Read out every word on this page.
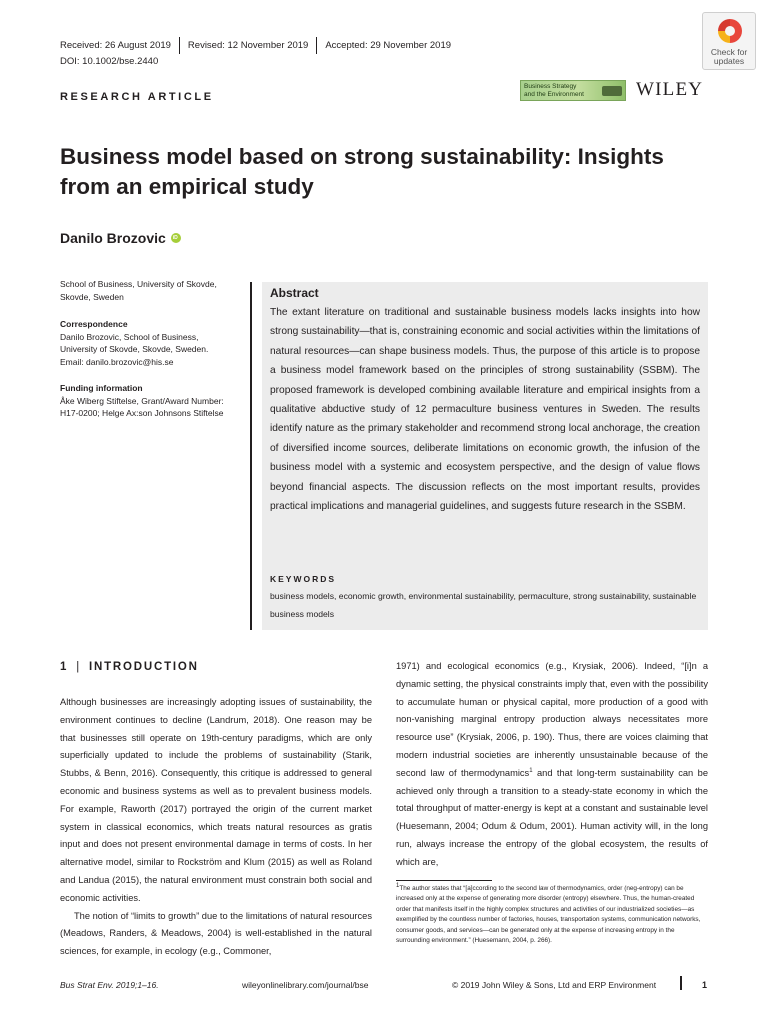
Received: 26 August 2019 Revised: 12 November 2019 Accepted: 29 November 2019
DOI: 10.1002/bse.2440
Check for
updates
RESEARCH ARTICLE
Business Strategy
and the Environment	WILEY
Business model based on strong sustainability: Insights from an empirical study
Danilo Brozovic
iD
School of Business, University of Skovde,
Skovde, Sweden
Correspondence
Danilo Brozovic, School of Business,
University of Skovde, Skovde, Sweden.
Email: danilo.brozovic@his.se
Funding information
Åke Wiberg Stiftelse, Grant/Award Number:
H17-0200; Helge Ax:son Johnsons Stiftelse
Abstract
The extant literature on traditional and sustainable business models lacks insights into how strong sustainability—that is, constraining economic and social activities within the limitations of natural resources—can shape business models. Thus, the purpose of this article is to propose a business model framework based on the principles of strong sustainability (SSBM). The proposed framework is developed combining available literature and empirical insights from a qualitative abductive study of 12 permaculture business ventures in Sweden. The results identify nature as the primary stakeholder and recommend strong local anchorage, the creation of diversified income sources, deliberate limitations on economic growth, the infusion of the business model with a systemic and ecosystem perspective, and the design of value flows beyond financial aspects. The discussion reflects on the most important results, provides practical implications and managerial guidelines, and suggests future research in the SSBM.
KEYWORDS
business models, economic growth, environmental sustainability, permaculture, strong sustainability, sustainable business models
1 | INTRODUCTION

Although businesses are increasingly adopting issues of sustainability, the environment continues to decline (Landrum, 2018). One reason may be that businesses still operate on 19th-century paradigms, which are only superficially updated to include the problems of sustainability (Starik, Stubbs, & Benn, 2016). Consequently, this critique is addressed to general economic and business systems as well as to prevalent business models. For example, Raworth (2017) portrayed the origin of the current market system in classical economics, which treats natural resources as gratis input and does not present environmental damage in terms of costs. In her alternative model, similar to Rockström and Klum (2015) as well as Roland and Landua (2015), the natural environment must constrain both social and economic activities.

The notion of “limits to growth” due to the limitations of natural resources (Meadows, Randers, & Meadows, 2004) is well-established in the natural sciences, for example, in ecology (e.g., Commoner,

1971) and ecological economics (e.g., Krysiak, 2006). Indeed, “[i]n a dynamic setting, the physical constraints imply that, even with the possibility to accumulate human or physical capital, more production of a good with non-vanishing marginal entropy production always necessitates more resource use” (Krysiak, 2006, p. 190). Thus, there are voices claiming that modern industrial societies are inherently unsustainable because of the second law of thermodynamics$^1$ and that long-term sustainability can be achieved only through a transition to a steady-state economy in which the total throughput of matter-energy is kept at a constant and sustainable level (Huesemann, 2004; Odum & Odum, 2001). Human activity will, in the long run, always increase the entropy of the global ecosystem, the results of which are,

$^1$The author states that “[a]ccording to the second law of thermodynamics, order (neg-entropy) can be increased only at the expense of generating more disorder (entropy) elsewhere. Thus, the human-created order that manifests itself in the highly complex structures and activities of our industrialized societies—as exemplified by the countless number of factories, houses, transportation systems, communication networks, consumer goods, and services—can be generated only at the expense of increasing entropy in the surrounding environment.” (Huesemann, 2004, p. 266).
Bus Strat Env. 2019;1–16.	wileyonlinelibrary.com/journal/bse	© 2019 John Wiley & Sons, Ltd and ERP Environment	1
